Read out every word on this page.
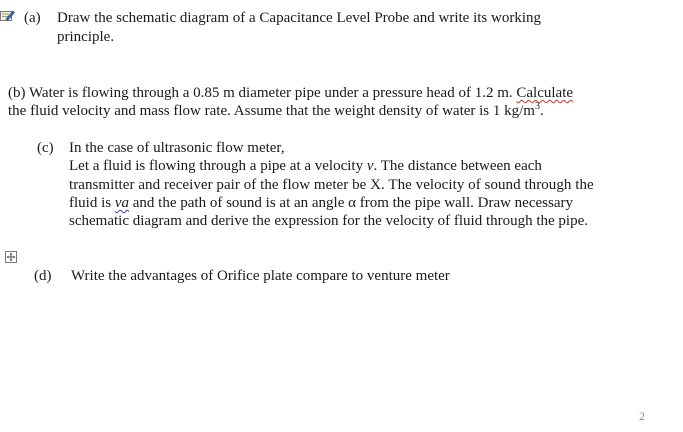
(a) Draw the schematic diagram of a Capacitance Level Probe and write its working
principle.
(b) Water is flowing through a 0.85 m diameter pipe under a pressure head of 1.2 m. Calculate
the fluid velocity and mass flow rate. Assume that the weight density of water is 1 $kg/m^3$.
(c) In the case of ultrasonic flow meter,
Let a fluid is flowing through a pipe at a velocity v. The distance between each
transmitter and receiver pair of the flow meter be X. The velocity of sound through the
fluid is va and the path of sound is at an angle α from the pipe wall. Draw necessary
schematic diagram and derive the expression for the velocity of fluid through the pipe.
(d) Write the advantages of Orifice plate compare to venture meter
2
